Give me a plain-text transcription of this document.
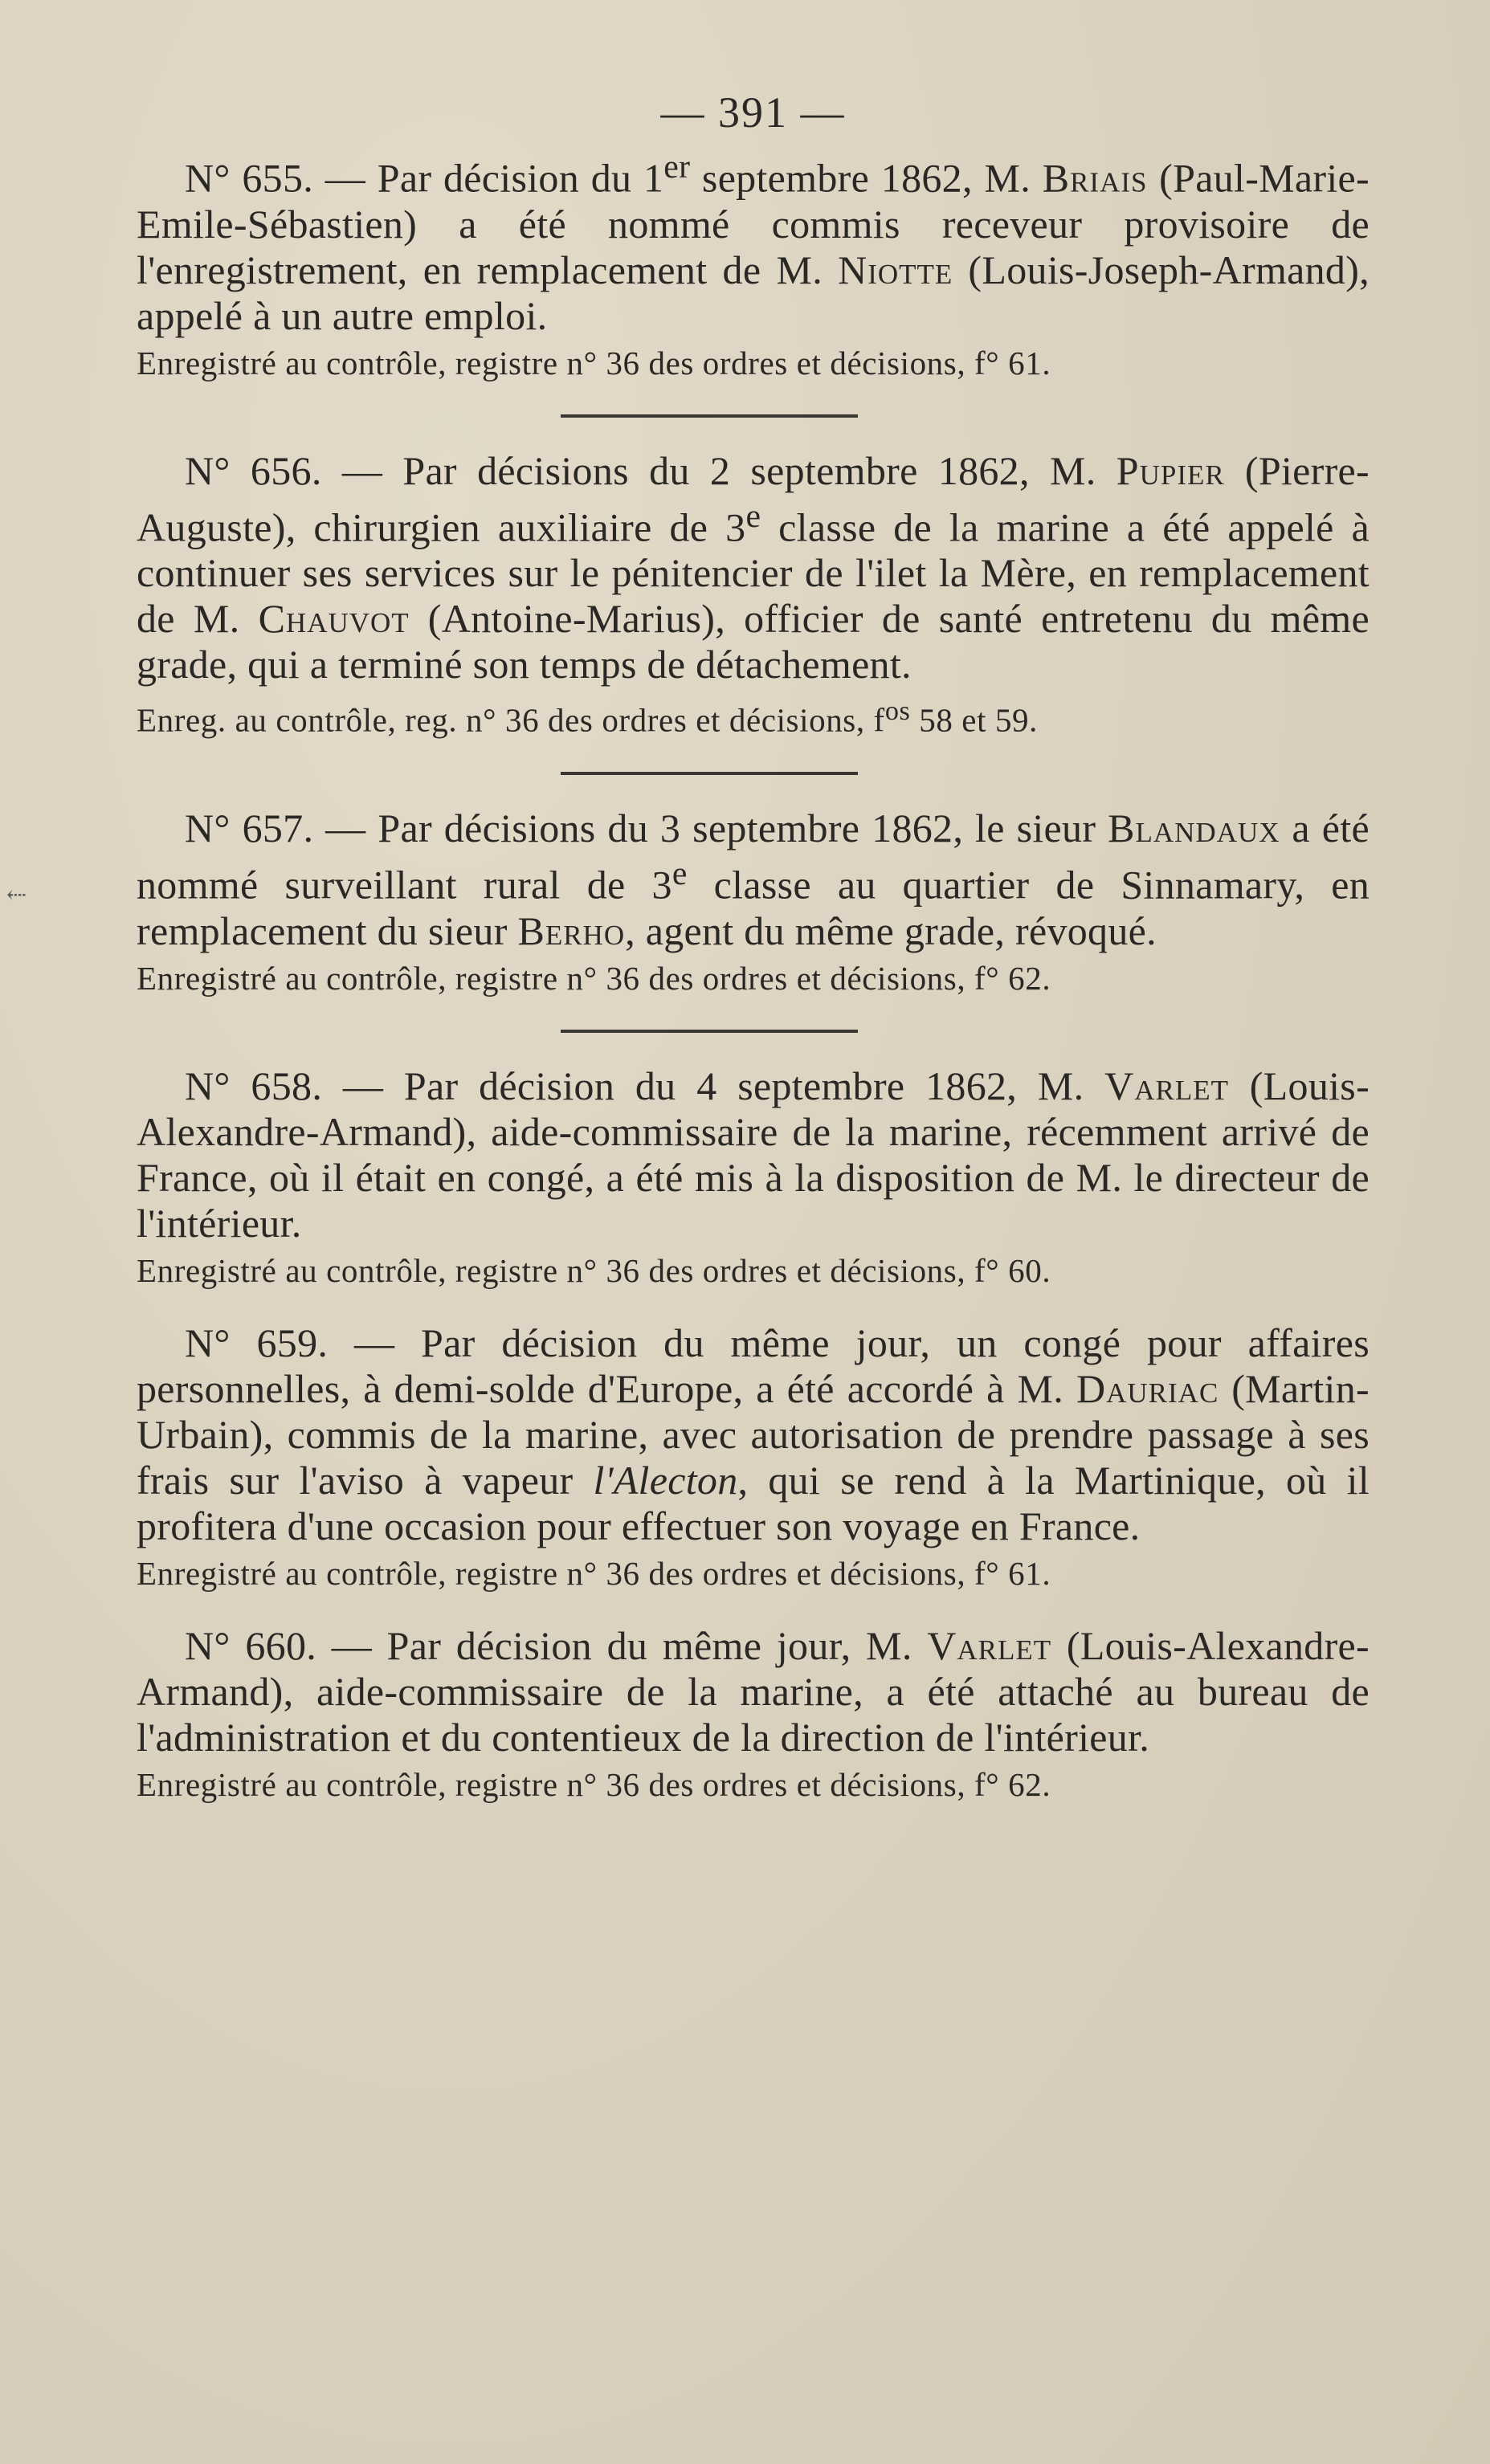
⇠
— 391 —

N° 655. — Par décision du 1er septembre 1862, M. Briais (Paul-Marie-Emile-Sébastien) a été nommé commis receveur provisoire de l'enregistrement, en remplacement de M. Niotte (Louis-Joseph-Armand), appelé à un autre emploi.

Enregistré au contrôle, registre n° 36 des ordres et décisions, f° 61.

N° 656. — Par décisions du 2 septembre 1862, M. Pupier (Pierre-Auguste), chirurgien auxiliaire de 3e classe de la marine a été appelé à continuer ses services sur le pénitencier de l'ilet la Mère, en remplacement de M. Chauvot (Antoine-Marius), officier de santé entretenu du même grade, qui a terminé son temps de détachement.

Enreg. au contrôle, reg. n° 36 des ordres et décisions, $f^{os}$ 58 et 59.

N° 657. — Par décisions du 3 septembre 1862, le sieur Blandaux a été nommé surveillant rural de 3e classe au quartier de Sinnamary, en remplacement du sieur Berho, agent du même grade, révoqué.

Enregistré au contrôle, registre n° 36 des ordres et décisions, f° 62.

N° 658. — Par décision du 4 septembre 1862, M. Varlet (Louis-Alexandre-Armand), aide-commissaire de la marine, récemment arrivé de France, où il était en congé, a été mis à la disposition de M. le directeur de l'intérieur.

Enregistré au contrôle, registre n° 36 des ordres et décisions, f° 60.

N° 659. — Par décision du même jour, un congé pour affaires personnelles, à demi-solde d'Europe, a été accordé à M. Dauriac (Martin-Urbain), commis de la marine, avec autorisation de prendre passage à ses frais sur l'aviso à vapeur l'Alecton, qui se rend à la Martinique, où il profitera d'une occasion pour effectuer son voyage en France.

Enregistré au contrôle, registre n° 36 des ordres et décisions, f° 61.

N° 660. — Par décision du même jour, M. Varlet (Louis-Alexandre-Armand), aide-commissaire de la marine, a été attaché au bureau de l'administration et du contentieux de la direction de l'intérieur.

Enregistré au contrôle, registre n° 36 des ordres et décisions, f° 62.
